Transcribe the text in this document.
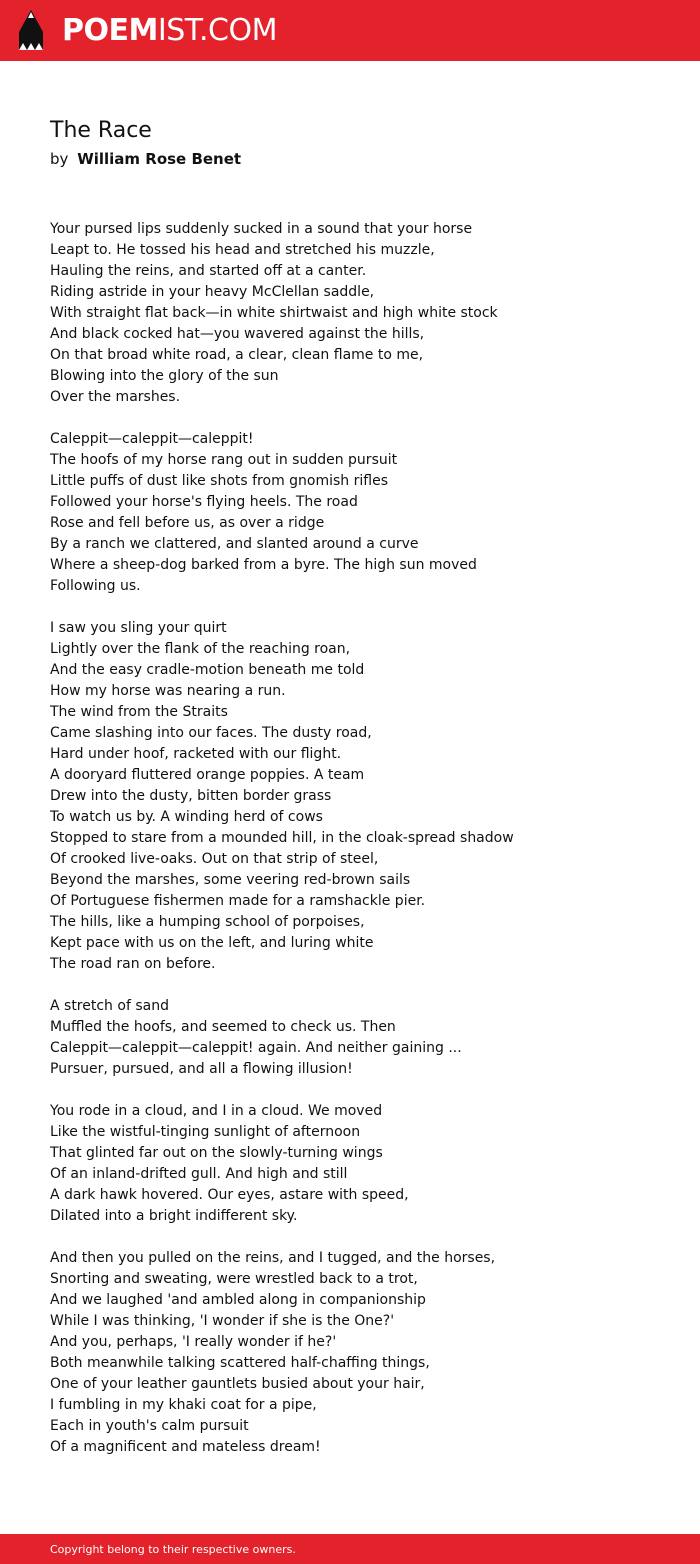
POEMIST.COM
The Race
by William Rose Benet
Your pursed lips suddenly sucked in a sound that your horse
Leapt to. He tossed his head and stretched his muzzle,
Hauling the reins, and started off at a canter.
Riding astride in your heavy McClellan saddle,
With straight flat back—in white shirtwaist and high white stock
And black cocked hat—you wavered against the hills,
On that broad white road, a clear, clean flame to me,
Blowing into the glory of the sun
Over the marshes.
Caleppit—caleppit—caleppit!
The hoofs of my horse rang out in sudden pursuit
Little puffs of dust like shots from gnomish rifles
Followed your horse's flying heels. The road
Rose and fell before us, as over a ridge
By a ranch we clattered, and slanted around a curve
Where a sheep-dog barked from a byre. The high sun moved
Following us.
I saw you sling your quirt
Lightly over the flank of the reaching roan,
And the easy cradle-motion beneath me told
How my horse was nearing a run.
The wind from the Straits
Came slashing into our faces. The dusty road,
Hard under hoof, racketed with our flight.
A dooryard fluttered orange poppies. A team
Drew into the dusty, bitten border grass
To watch us by. A winding herd of cows
Stopped to stare from a mounded hill, in the cloak-spread shadow
Of crooked live-oaks. Out on that strip of steel,
Beyond the marshes, some veering red-brown sails
Of Portuguese fishermen made for a ramshackle pier.
The hills, like a humping school of porpoises,
Kept pace with us on the left, and luring white
The road ran on before.
A stretch of sand
Muffled the hoofs, and seemed to check us. Then
Caleppit—caleppit—caleppit! again. And neither gaining ...
Pursuer, pursued, and all a flowing illusion!
You rode in a cloud, and I in a cloud. We moved
Like the wistful-tinging sunlight of afternoon
That glinted far out on the slowly-turning wings
Of an inland-drifted gull. And high and still
A dark hawk hovered. Our eyes, astare with speed,
Dilated into a bright indifferent sky.
And then you pulled on the reins, and I tugged, and the horses,
Snorting and sweating, were wrestled back to a trot,
And we laughed 'and ambled along in companionship
While I was thinking, 'I wonder if she is the One?'
And you, perhaps, 'I really wonder if he?'
Both meanwhile talking scattered half-chaffing things,
One of your leather gauntlets busied about your hair,
I fumbling in my khaki coat for a pipe,
Each in youth's calm pursuit
Of a magnificent and mateless dream!
Copyright belong to their respective owners.
